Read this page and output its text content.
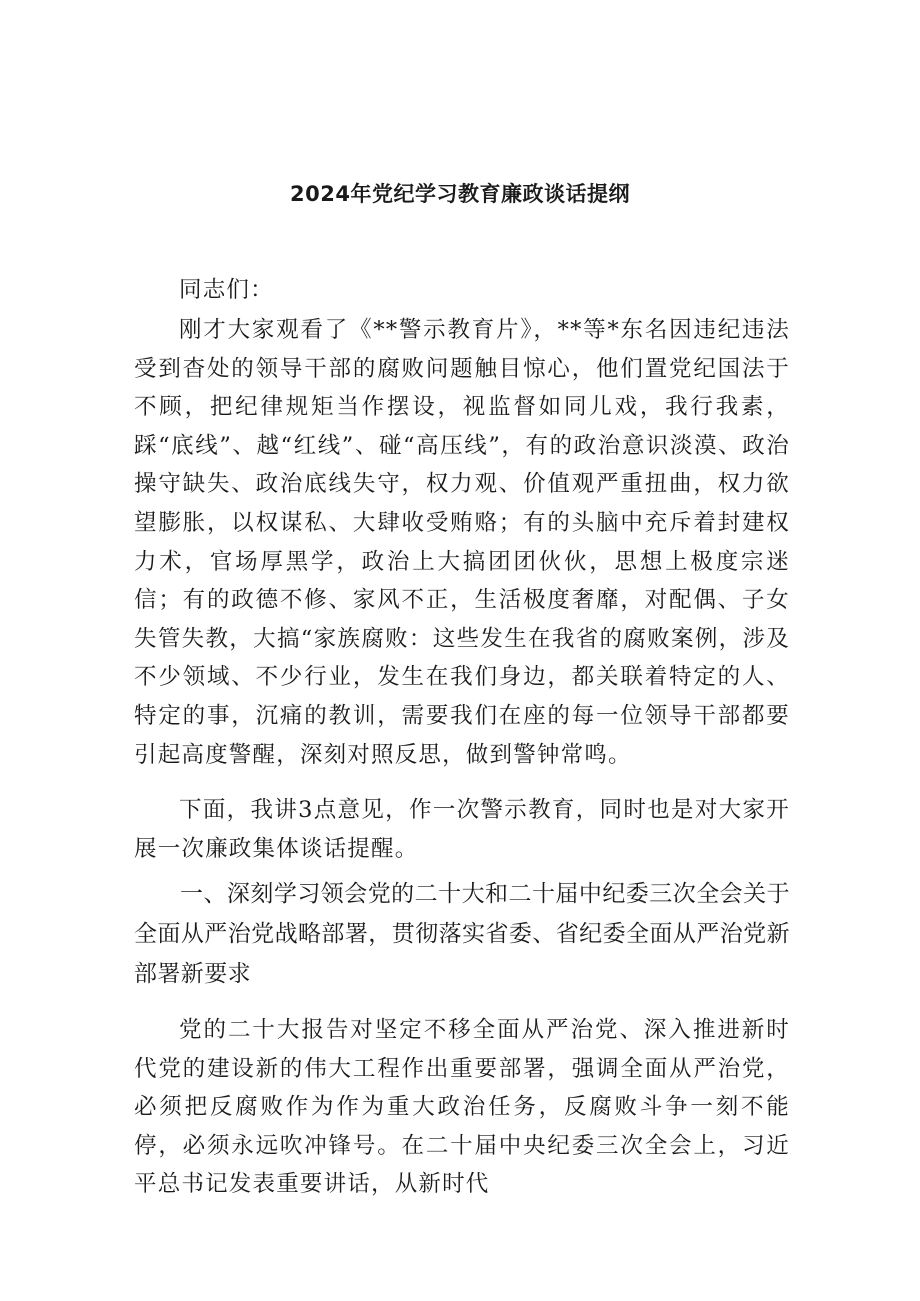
2024年党纪学习教育廉政谈话提纲
同志们：
刚才大家观看了《**警示教育片》，**等*东名因违纪违法受到杳处的领导干部的腐败问题触目惊心，他们置党纪国法于不顾，把纪律规矩当作摆设，视监督如同儿戏，我行我素，踩“底线”、越“红线”、碰“高压线”，有的政治意识淡漠、政治操守缺失、政治底线失守，权力观、价值观严重扭曲，权力欲望膨胀，以权谋私、大肆收受贿赂；有的头脑中充斥着封建权力术，官场厚黑学，政治上大搞团团伙伙，思想上极度宗迷信；有的政德不修、家风不正，生活极度奢靡，对配偶、子女失管失教，大搞“家族腐败：这些发生在我省的腐败案例，涉及不少领域、不少行业，发生在我们身边，都关联着特定的人、特定的事，沉痛的教训，需要我们在座的每一位领导干部都要引起高度警醒，深刻对照反思，做到警钟常鸣。
下面，我讲3点意见，作一次警示教育，同时也是对大家开展一次廉政集体谈话提醒。
一、深刻学习领会党的二十大和二十届中纪委三次全会关于全面从严治党战略部署，贯彻落实省委、省纪委全面从严治党新部署新要求
党的二十大报告对坚定不移全面从严治党、深入推进新时代党的建设新的伟大工程作出重要部署，强调全面从严治党，必须把反腐败作为作为重大政治任务，反腐败斗争一刻不能停，必须永远吹冲锋号。在二十届中央纪委三次全会上，习近平总书记发表重要讲话，从新时代
